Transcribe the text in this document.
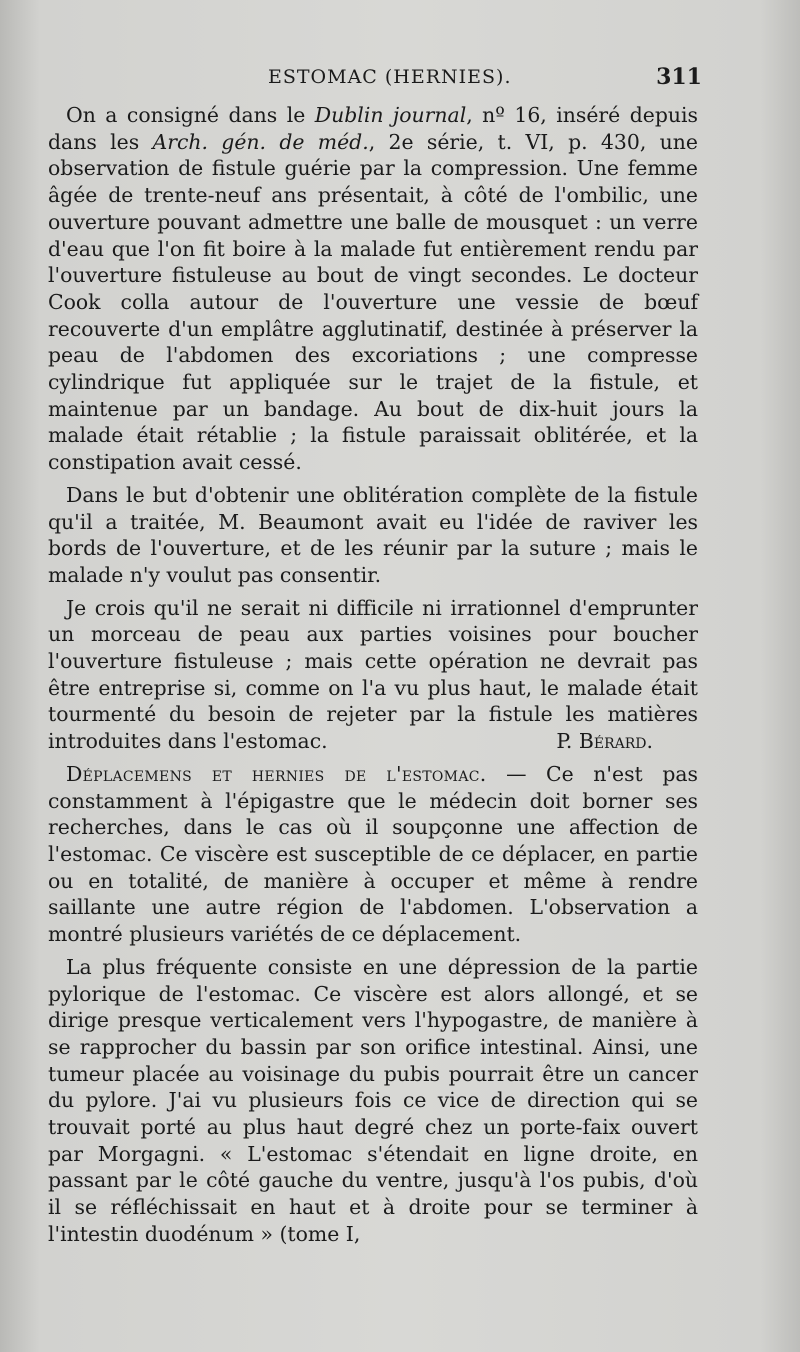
ESTOMAC (HERNIES).	311

On a consigné dans le Dublin journal, nº 16, inséré depuis dans les Arch. gén. de méd., 2e série, t. VI, p. 430, une observation de fistule guérie par la compression. Une femme âgée de trente-neuf ans présentait, à côté de l'ombilic, une ouverture pouvant admettre une balle de mousquet : un verre d'eau que l'on fit boire à la malade fut entièrement rendu par l'ouverture fistuleuse au bout de vingt secondes. Le docteur Cook colla autour de l'ouverture une vessie de bœuf recouverte d'un emplâtre agglutinatif, destinée à préserver la peau de l'abdomen des excoriations ; une compresse cylindrique fut appliquée sur le trajet de la fistule, et maintenue par un bandage. Au bout de dix-huit jours la malade était rétablie ; la fistule paraissait oblitérée, et la constipation avait cessé.

Dans le but d'obtenir une oblitération complète de la fistule qu'il a traitée, M. Beaumont avait eu l'idée de raviver les bords de l'ouverture, et de les réunir par la suture ; mais le malade n'y voulut pas consentir.

Je crois qu'il ne serait ni difficile ni irrationnel d'emprunter un morceau de peau aux parties voisines pour boucher l'ouverture fistuleuse ; mais cette opération ne devrait pas être entreprise si, comme on l'a vu plus haut, le malade était tourmenté du besoin de rejeter par la fistule les matières introduites dans l'estomac.	P. Bérard.

Déplacemens et hernies de l'estomac. — Ce n'est pas constamment à l'épigastre que le médecin doit borner ses recherches, dans le cas où il soupçonne une affection de l'estomac. Ce viscère est susceptible de ce déplacer, en partie ou en totalité, de manière à occuper et même à rendre saillante une autre région de l'abdomen. L'observation a montré plusieurs variétés de ce déplacement.

La plus fréquente consiste en une dépression de la partie pylorique de l'estomac. Ce viscère est alors allongé, et se dirige presque verticalement vers l'hypogastre, de manière à se rapprocher du bassin par son orifice intestinal. Ainsi, une tumeur placée au voisinage du pubis pourrait être un cancer du pylore. J'ai vu plusieurs fois ce vice de direction qui se trouvait porté au plus haut degré chez un porte-faix ouvert par Morgagni. « L'estomac s'étendait en ligne droite, en passant par le côté gauche du ventre, jusqu'à l'os pubis, d'où il se réfléchissait en haut et à droite pour se terminer à l'intestin duodénum » (tome I,
